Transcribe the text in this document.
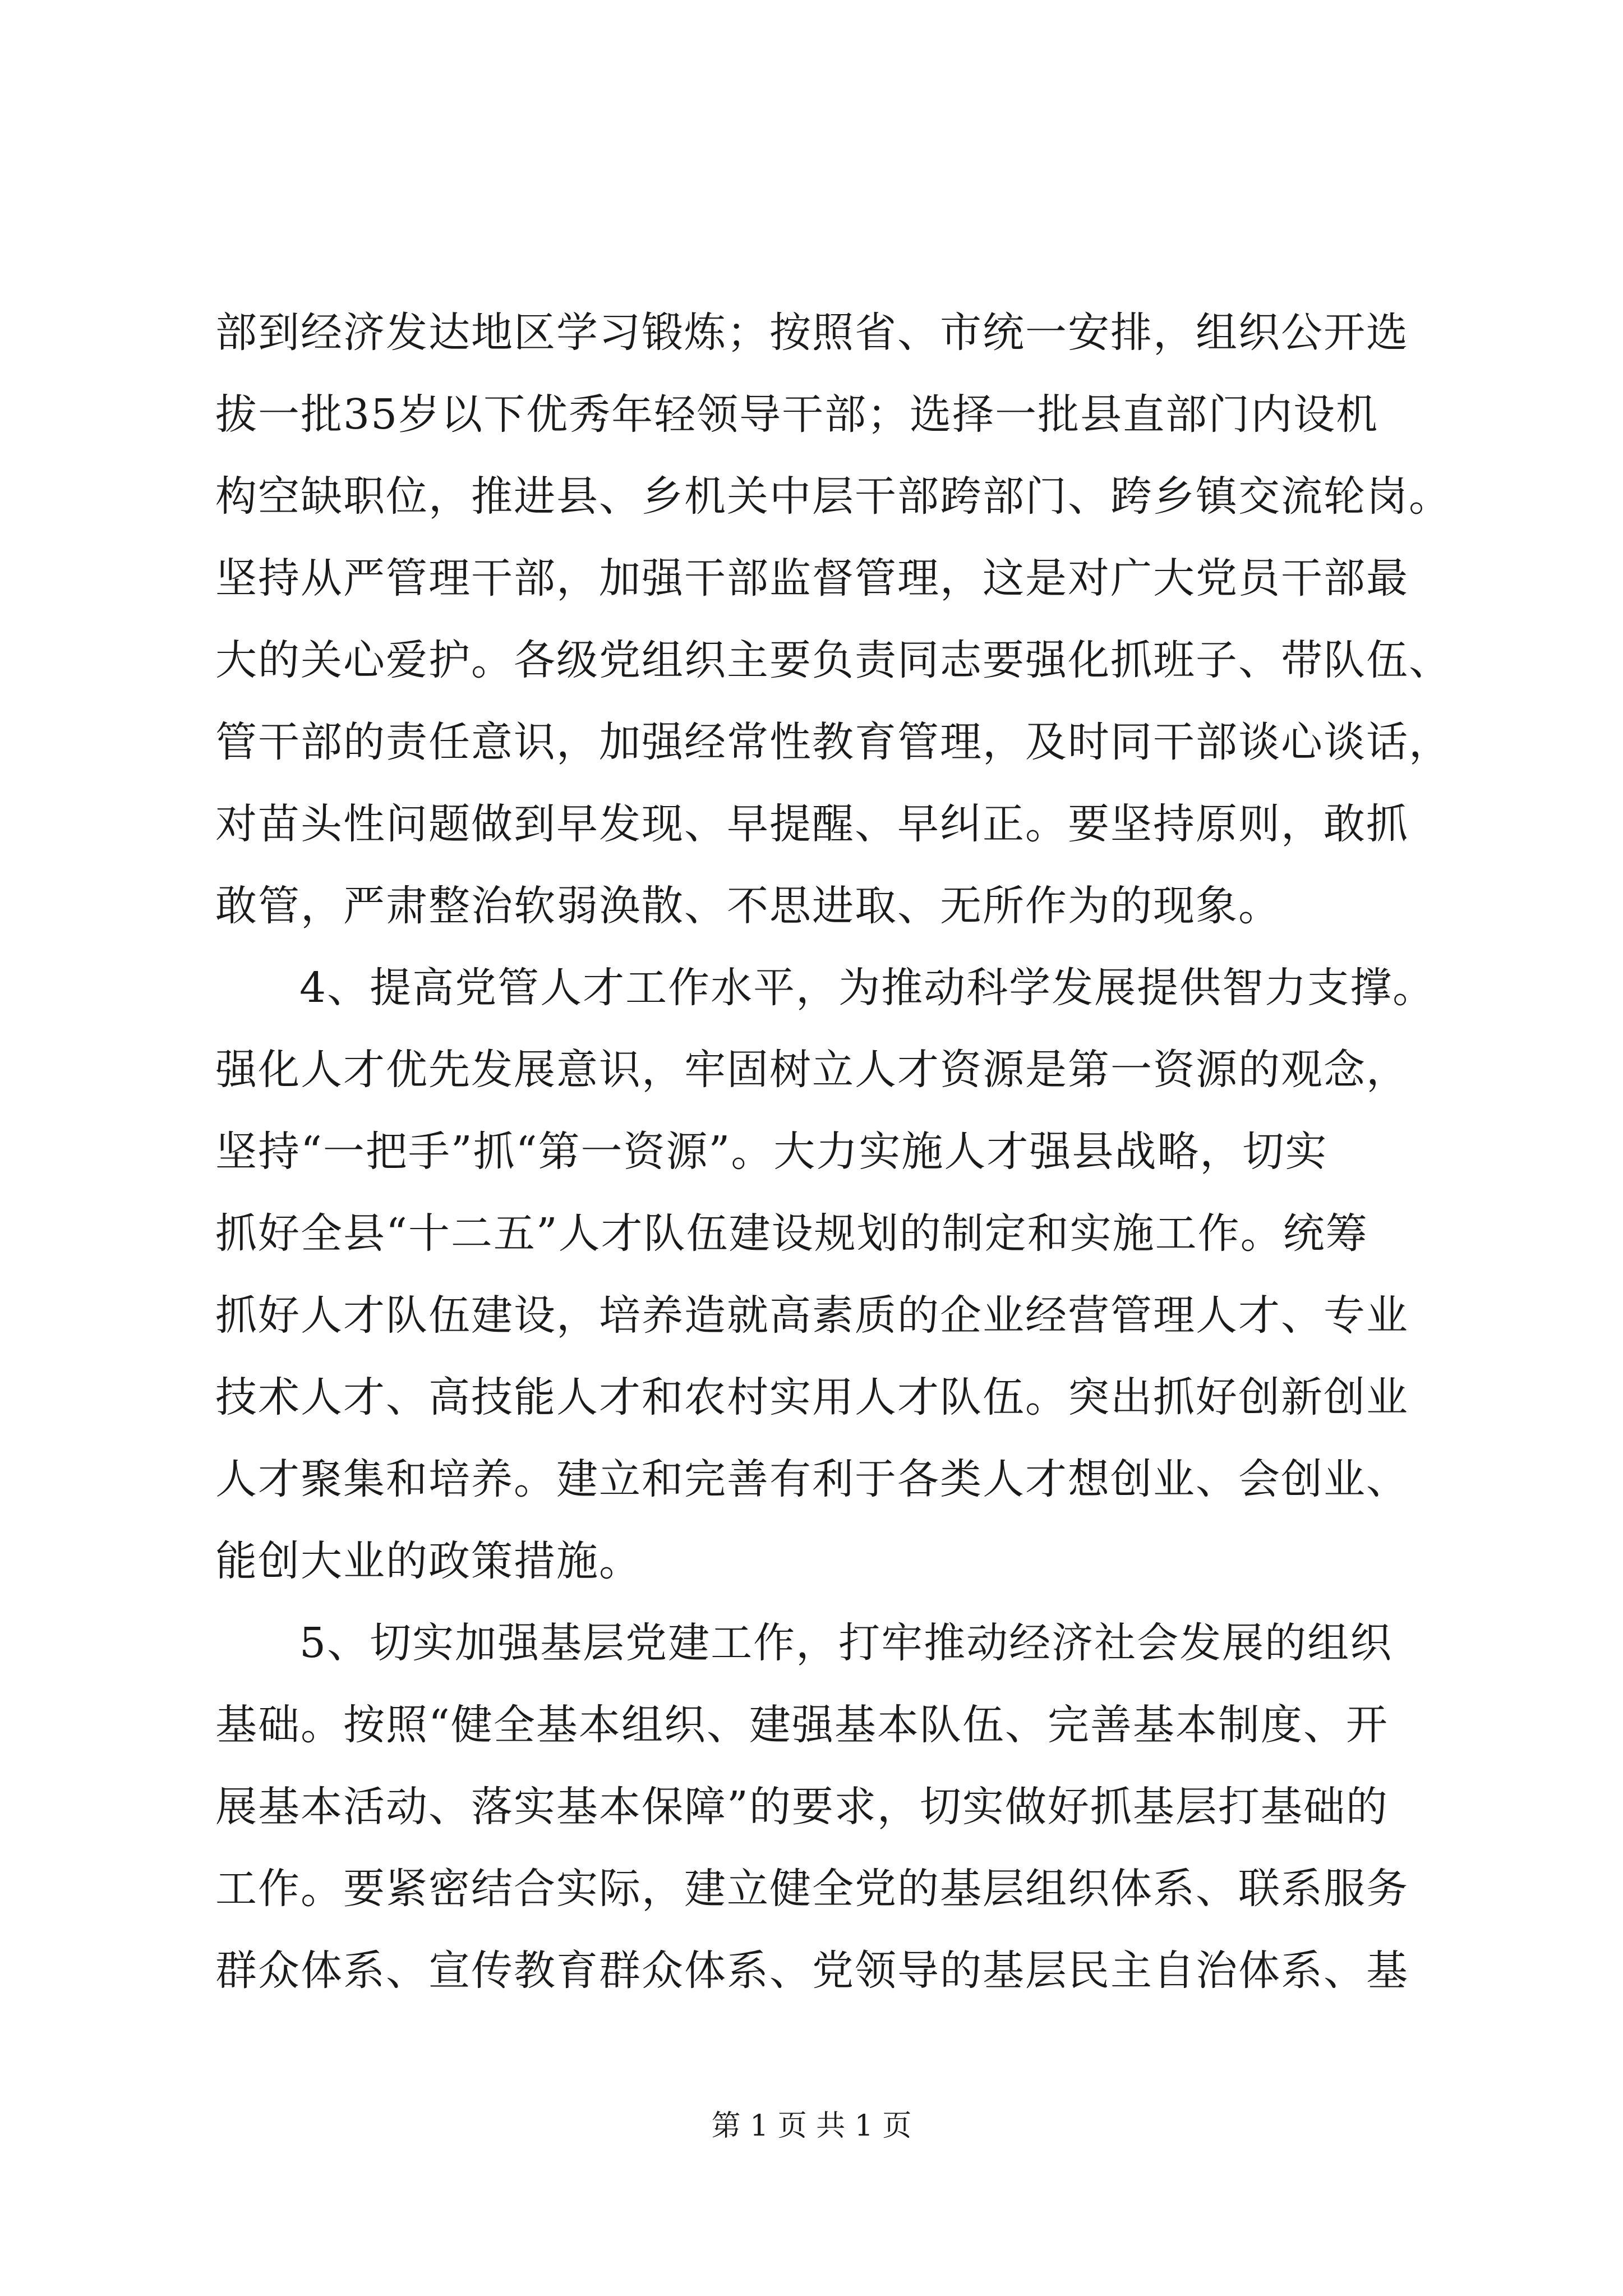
部到经济发达地区学习锻炼；按照省、市统一安排，组织公开选
拔一批35岁以下优秀年轻领导干部；选择一批县直部门内设机
构空缺职位，推进县、乡机关中层干部跨部门、跨乡镇交流轮岗。
坚持从严管理干部，加强干部监督管理，这是对广大党员干部最
大的关心爱护。各级党组织主要负责同志要强化抓班子、带队伍、
管干部的责任意识，加强经常性教育管理，及时同干部谈心谈话，
对苗头性问题做到早发现、早提醒、早纠正。要坚持原则，敢抓
敢管，严肃整治软弱涣散、不思进取、无所作为的现象。
4、提高党管人才工作水平，为推动科学发展提供智力支撑。
强化人才优先发展意识，牢固树立人才资源是第一资源的观念，
坚持“一把手”抓“第一资源”。大力实施人才强县战略，切实
抓好全县“十二五”人才队伍建设规划的制定和实施工作。统筹
抓好人才队伍建设，培养造就高素质的企业经营管理人才、专业
技术人才、高技能人才和农村实用人才队伍。突出抓好创新创业
人才聚集和培养。建立和完善有利于各类人才想创业、会创业、
能创大业的政策措施。
5、切实加强基层党建工作，打牢推动经济社会发展的组织
基础。按照“健全基本组织、建强基本队伍、完善基本制度、开
展基本活动、落实基本保障”的要求，切实做好抓基层打基础的
工作。要紧密结合实际，建立健全党的基层组织体系、联系服务
群众体系、宣传教育群众体系、党领导的基层民主自治体系、基
第 1 页 共 1 页
